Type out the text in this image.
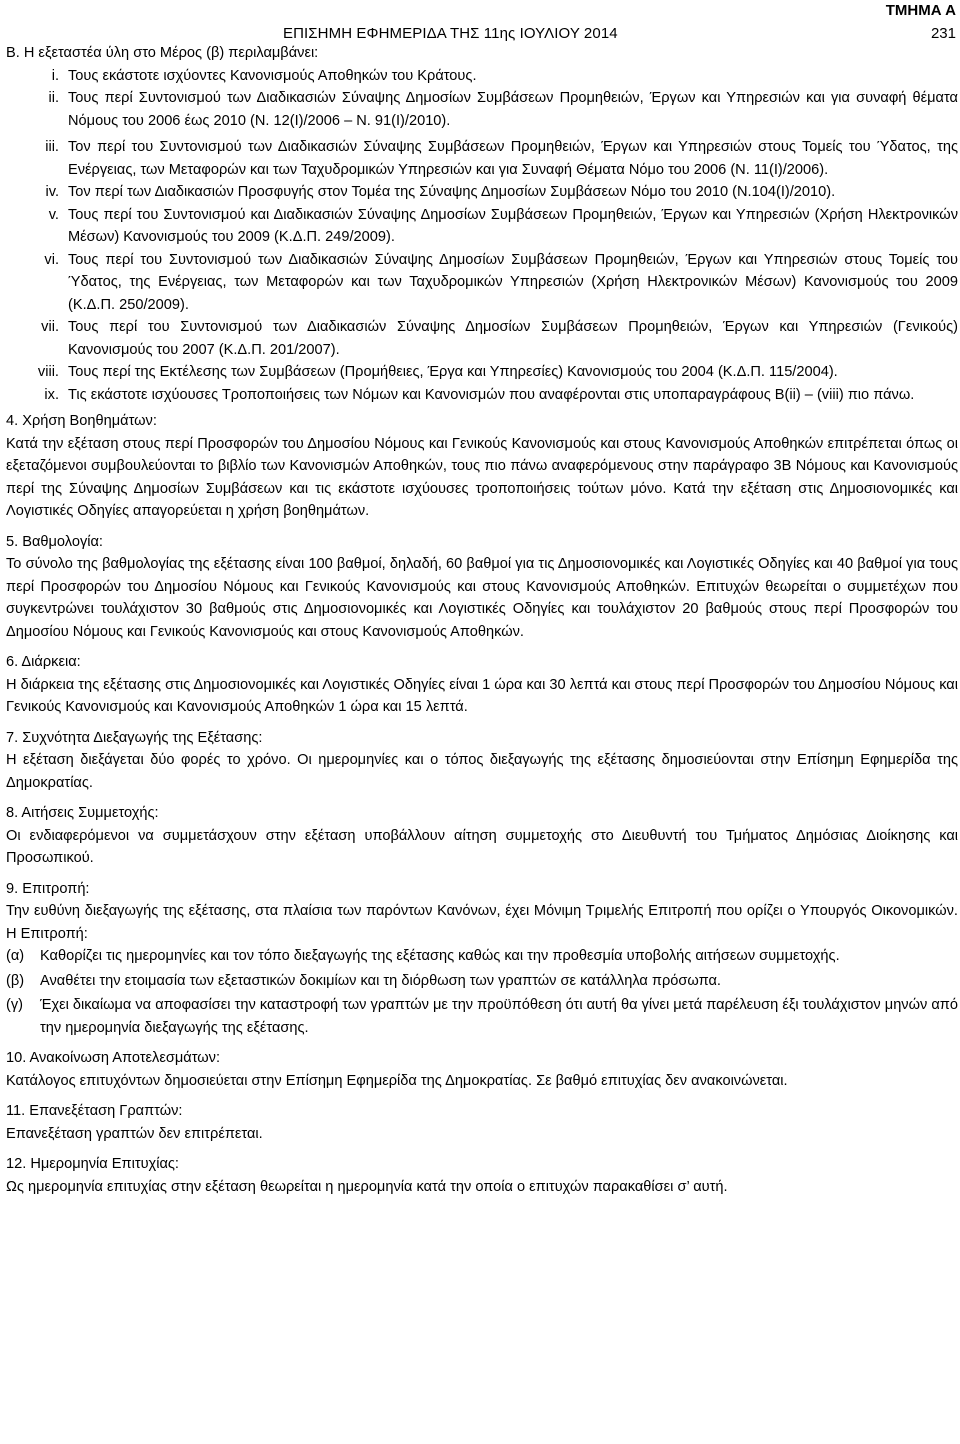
ΤΜΗΜΑ Α
ΕΠΙΣΗΜΗ ΕΦΗΜΕΡΙΔΑ ΤΗΣ 11ης ΙΟΥΛΙΟΥ 2014	231
Β. Η εξεταστέα ύλη στο Μέρος (β) περιλαμβάνει:
i. Τους εκάστοτε ισχύοντες Κανονισμούς Αποθηκών του Κράτους.
ii. Τους περί Συντονισμού των Διαδικασιών Σύναψης Δημοσίων Συμβάσεων Προμηθειών, Έργων και Υπηρεσιών και για συναφή θέματα Νόμους του 2006 έως 2010 (Ν. 12(Ι)/2006 – Ν. 91(Ι)/2010).
iii. Τον περί του Συντονισμού των Διαδικασιών Σύναψης Συμβάσεων Προμηθειών, Έργων και Υπηρεσιών στους Τομείς του Ύδατος, της Ενέργειας, των Μεταφορών και των Ταχυδρομικών Υπηρεσιών και για Συναφή Θέματα Νόμο του 2006 (Ν. 11(Ι)/2006).
iv. Τον περί των Διαδικασιών Προσφυγής στον Τομέα της Σύναψης Δημοσίων Συμβάσεων Νόμο του 2010 (Ν.104(Ι)/2010).
v. Τους περί του Συντονισμού και Διαδικασιών Σύναψης Δημοσίων Συμβάσεων Προμηθειών, Έργων και Υπηρεσιών (Χρήση Ηλεκτρονικών Μέσων) Κανονισμούς του 2009 (Κ.Δ.Π. 249/2009).
vi. Τους περί του Συντονισμού των Διαδικασιών Σύναψης Δημοσίων Συμβάσεων Προμηθειών, Έργων και Υπηρεσιών στους Τομείς του Ύδατος, της Ενέργειας, των Μεταφορών και των Ταχυδρομικών Υπηρεσιών (Χρήση Ηλεκτρονικών Μέσων) Κανονισμούς του 2009 (Κ.Δ.Π. 250/2009).
vii. Τους περί του Συντονισμού των Διαδικασιών Σύναψης Δημοσίων Συμβάσεων Προμηθειών, Έργων και Υπηρεσιών (Γενικούς) Κανονισμούς του 2007 (Κ.Δ.Π. 201/2007).
viii. Τους περί της Εκτέλεσης των Συμβάσεων (Προμήθειες, Έργα και Υπηρεσίες) Κανονισμούς του 2004 (Κ.Δ.Π. 115/2004).
ix. Τις εκάστοτε ισχύουσες Τροποποιήσεις των Νόμων και Κανονισμών που αναφέρονται στις υποπαραγράφους Β(ii) – (viii) πιο πάνω.
4. Χρήση Βοηθημάτων:

Κατά την εξέταση στους περί Προσφορών του Δημοσίου Νόμους και Γενικούς Κανονισμούς και στους Κανονισμούς Αποθηκών επιτρέπεται όπως οι εξεταζόμενοι συμβουλεύονται το βιβλίο των Κανονισμών Αποθηκών, τους πιο πάνω αναφερόμενους στην παράγραφο 3Β Νόμους και Κανονισμούς περί της Σύναψης Δημοσίων Συμβάσεων και τις εκάστοτε ισχύουσες τροποποιήσεις τούτων μόνο. Κατά την εξέταση στις Δημοσιονομικές και Λογιστικές Οδηγίες απαγορεύεται η χρήση βοηθημάτων.

5. Βαθμολογία:

Το σύνολο της βαθμολογίας της εξέτασης είναι 100 βαθμοί, δηλαδή, 60 βαθμοί για τις Δημοσιονομικές και Λογιστικές Οδηγίες και 40 βαθμοί για τους περί Προσφορών του Δημοσίου Νόμους και Γενικούς Κανονισμούς και στους Κανονισμούς Αποθηκών. Επιτυχών θεωρείται ο συμμετέχων που συγκεντρώνει τουλάχιστον 30 βαθμούς στις Δημοσιονομικές και Λογιστικές Οδηγίες και τουλάχιστον 20 βαθμούς στους περί Προσφορών του Δημοσίου Νόμους και Γενικούς Κανονισμούς και στους Κανονισμούς Αποθηκών.

6. Διάρκεια:

Η διάρκεια της εξέτασης στις Δημοσιονομικές και Λογιστικές Οδηγίες είναι 1 ώρα και 30 λεπτά και στους περί Προσφορών του Δημοσίου Νόμους και Γενικούς Κανονισμούς και Κανονισμούς Αποθηκών 1 ώρα και 15 λεπτά.

7. Συχνότητα Διεξαγωγής της Εξέτασης:

Η εξέταση διεξάγεται δύο φορές το χρόνο. Οι ημερομηνίες και ο τόπος διεξαγωγής της εξέτασης δημοσιεύονται στην Επίσημη Εφημερίδα της Δημοκρατίας.

8. Αιτήσεις Συμμετοχής:

Οι ενδιαφερόμενοι να συμμετάσχουν στην εξέταση υποβάλλουν αίτηση συμμετοχής στο Διευθυντή του Τμήματος Δημόσιας Διοίκησης και Προσωπικού.

9. Επιτροπή:

Την ευθύνη διεξαγωγής της εξέτασης, στα πλαίσια των παρόντων Κανόνων, έχει Μόνιμη Τριμελής Επιτροπή που ορίζει ο Υπουργός Οικονομικών. Η Επιτροπή:

(α) Καθορίζει τις ημερομηνίες και τον τόπο διεξαγωγής της εξέτασης καθώς και την προθεσμία υποβολής αιτήσεων συμμετοχής.
(β) Αναθέτει την ετοιμασία των εξεταστικών δοκιμίων και τη διόρθωση των γραπτών σε κατάλληλα πρόσωπα.
(γ) Έχει δικαίωμα να αποφασίσει την καταστροφή των γραπτών με την προϋπόθεση ότι αυτή θα γίνει μετά παρέλευση έξι τουλάχιστον μηνών από την ημερομηνία διεξαγωγής της εξέτασης.
10. Ανακοίνωση Αποτελεσμάτων:

Κατάλογος επιτυχόντων δημοσιεύεται στην Επίσημη Εφημερίδα της Δημοκρατίας. Σε βαθμό επιτυχίας δεν ανακοινώνεται.

11. Επανεξέταση Γραπτών:

Επανεξέταση γραπτών δεν επιτρέπεται.

12. Ημερομηνία Επιτυχίας:

Ως ημερομηνία επιτυχίας στην εξέταση θεωρείται η ημερομηνία κατά την οποία ο επιτυχών παρακαθίσει σ’ αυτή.
